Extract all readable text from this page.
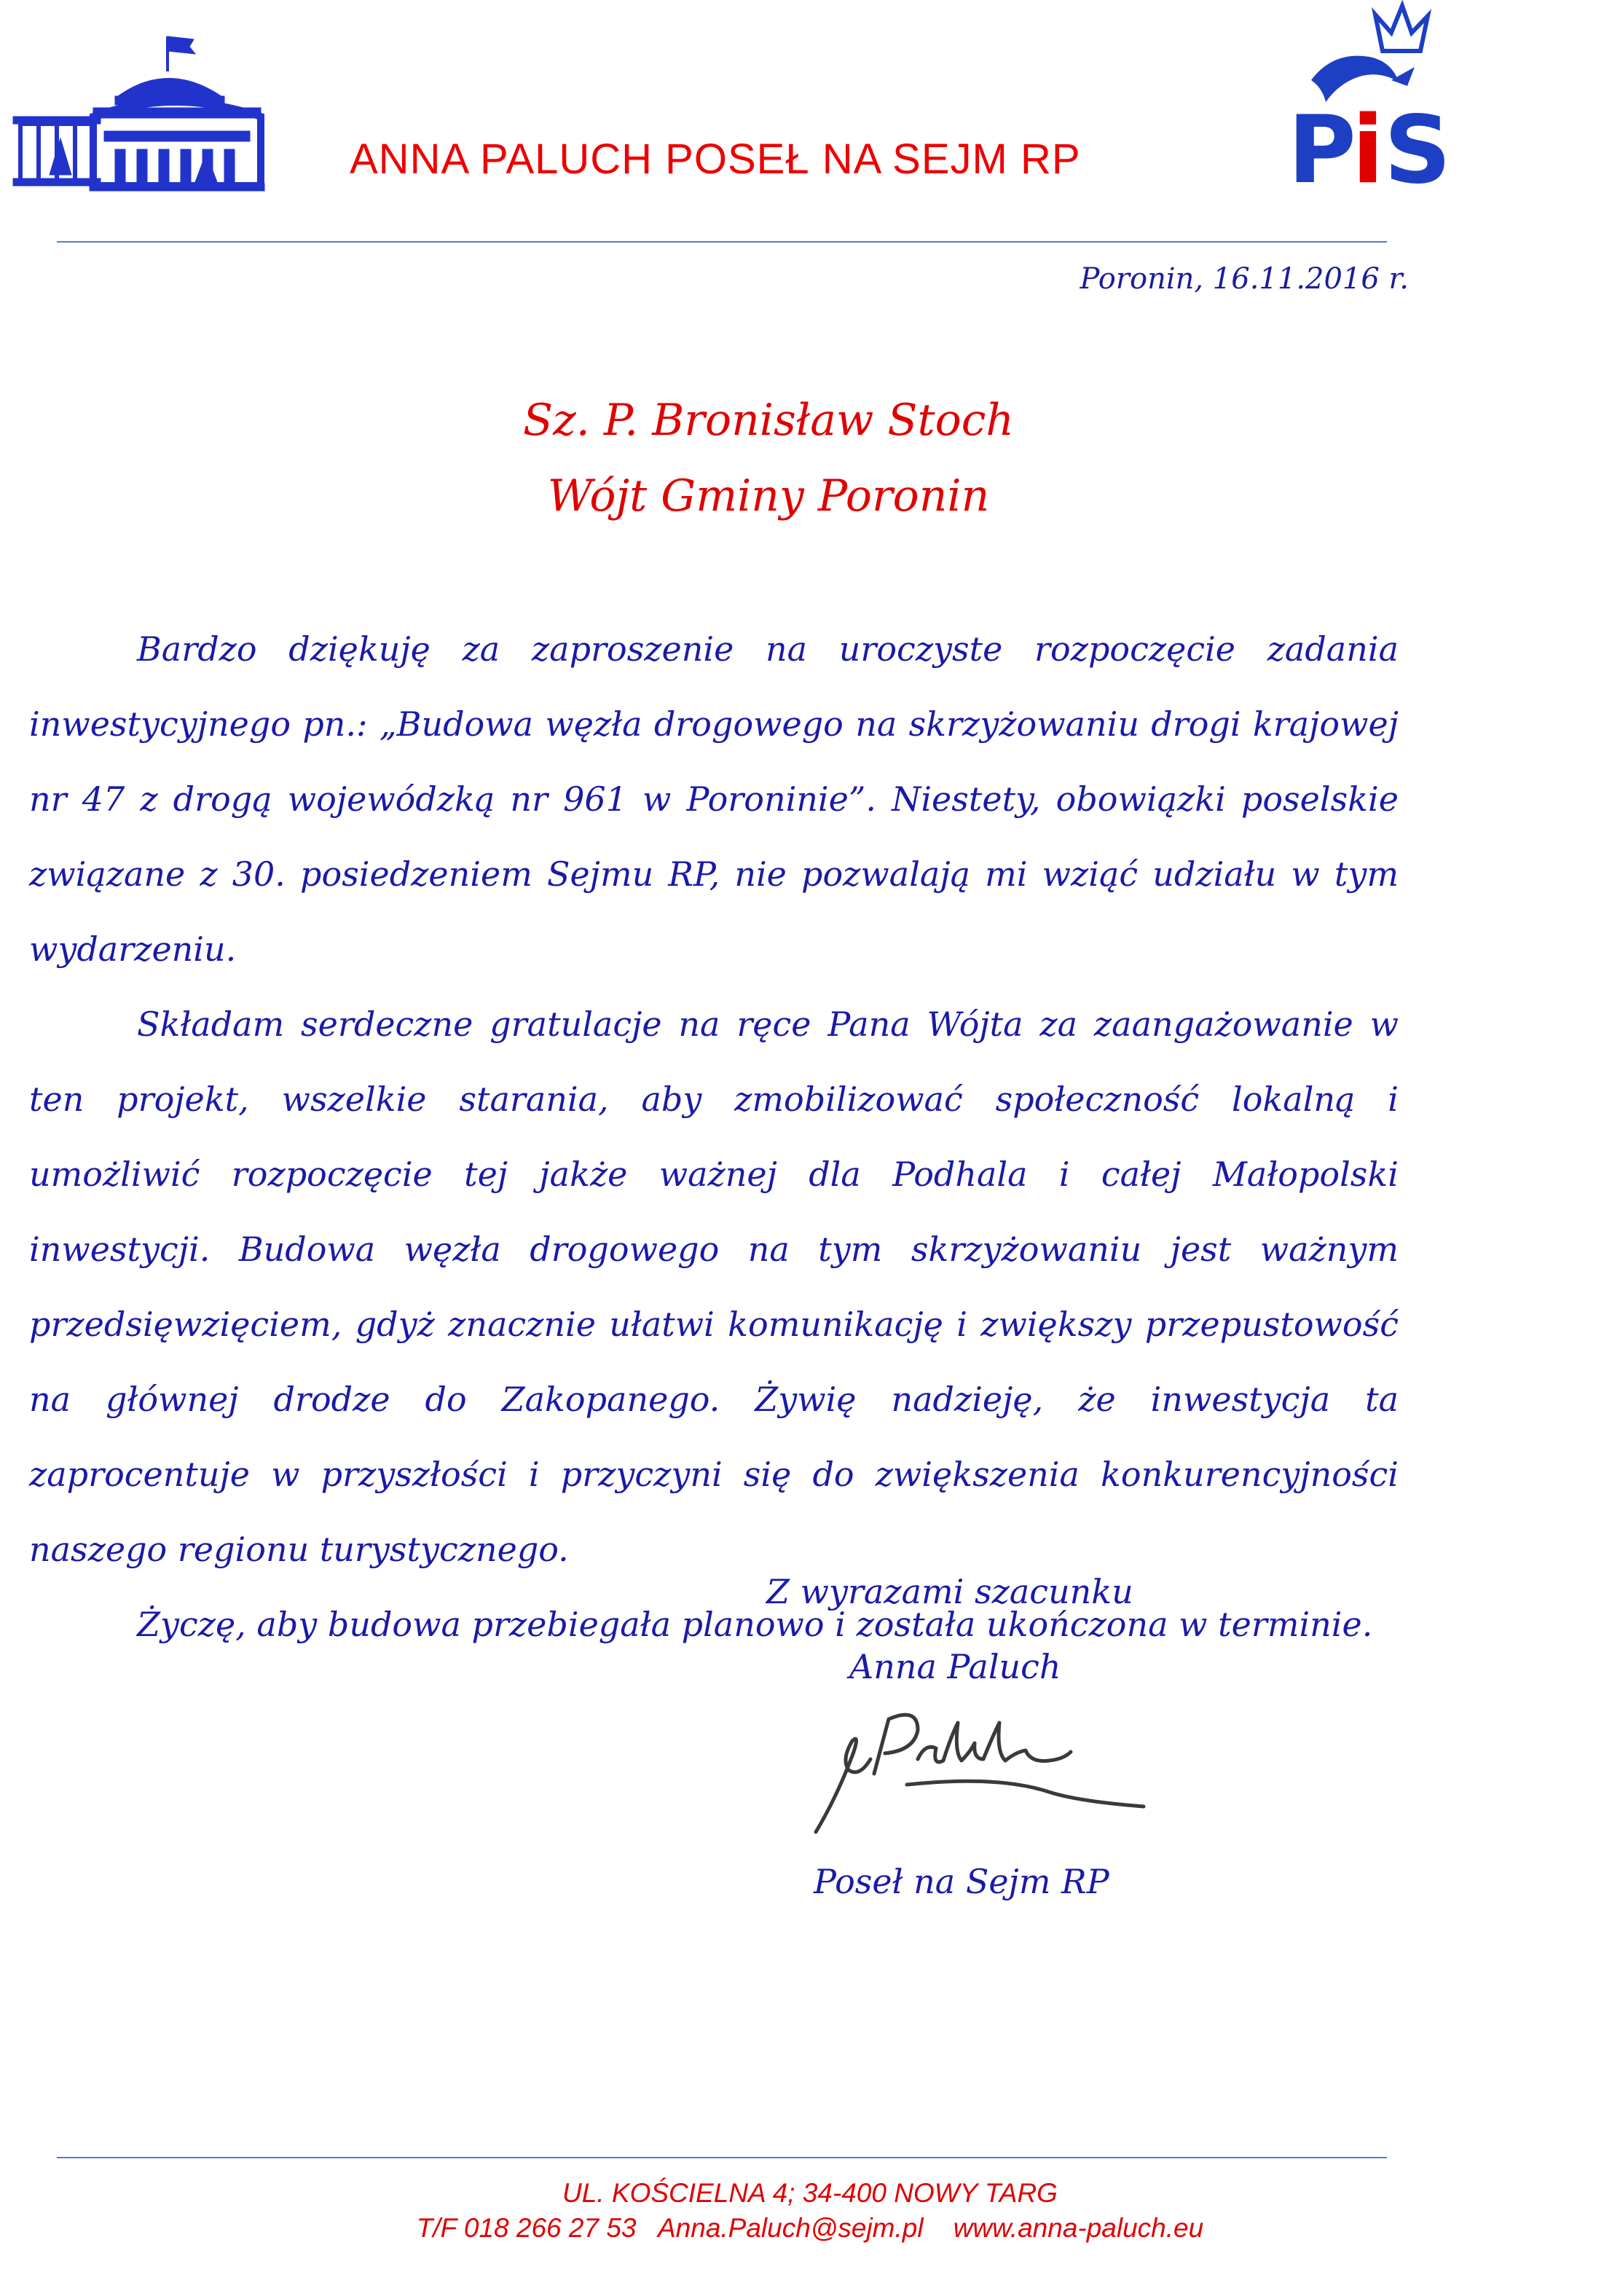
P
i S
ANNA PALUCH POSEŁ NA SEJM RP
Poronin, 16.11.2016 r.
Sz. P. Bronisław Stoch
Wójt Gminy Poronin

Bardzo dziękuję za zaproszenie na uroczyste rozpoczęcie zadania inwestycyjnego pn.: „Budowa węzła drogowego na skrzyżowaniu drogi krajowej nr 47 z drogą wojewódzką nr 961 w Poroninie”. Niestety, obowiązki poselskie związane z 30. posiedzeniem Sejmu RP, nie pozwalają mi wziąć udziału w tym wydarzeniu.

Składam serdeczne gratulacje na ręce Pana Wójta za zaangażowanie w ten projekt, wszelkie starania, aby zmobilizować społeczność lokalną i umożliwić rozpoczęcie tej jakże ważnej dla Podhala i całej Małopolski inwestycji. Budowa węzła drogowego na tym skrzyżowaniu jest ważnym przedsięwzięciem, gdyż znacznie ułatwi komunikację i zwiększy przepustowość na głównej drodze do Zakopanego. Żywię nadzieję, że inwestycja ta zaprocentuje w przyszłości i przyczyni się do zwiększenia konkurencyjności naszego regionu turystycznego.

Życzę, aby budowa przebiegała planowo i została ukończona w terminie.

Z wyrazami szacunku
Anna Paluch
Poseł na Sejm RP
UL. KOŚCIELNA 4; 34-400 NOWY TARG
T/F 018 266 27 53 Anna.Paluch@sejm.pl www.anna-paluch.eu
